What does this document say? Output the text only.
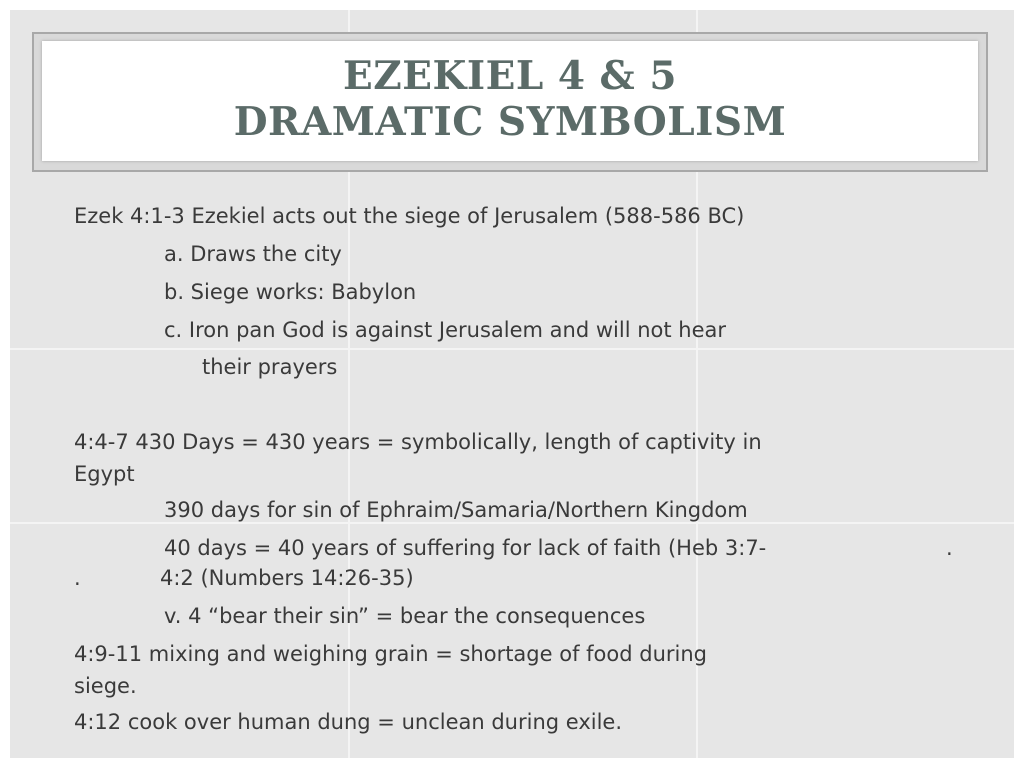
EZEKIEL 4 & 5
DRAMATIC SYMBOLISM
Ezek 4:1-3 Ezekiel acts out the siege of Jerusalem (588-586 BC)
a. Draws the city
b. Siege works: Babylon
c. Iron pan God is against Jerusalem and will not hear
their prayers
4:4-7 430 Days = 430 years = symbolically, length of captivity in
Egypt
390 days for sin of Ephraim/Samaria/Northern Kingdom
40 days = 40 years of suffering for lack of faith (Heb 3:7-	.
.	4:2 (Numbers 14:26-35)
v. 4 “bear their sin” = bear the consequences
4:9-11 mixing and weighing grain = shortage of food during
siege.
4:12 cook over human dung = unclean during exile.
